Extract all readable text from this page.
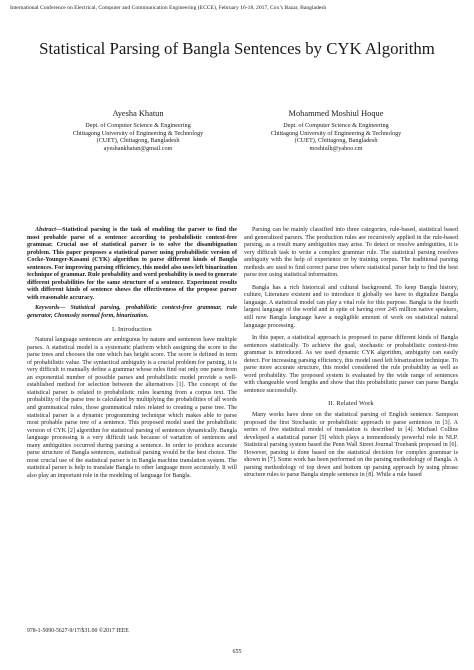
International Conference on Electrical, Computer and Communication Engineering (ECCE), February 16-18, 2017, Cox’s Bazar, Bangladesh
Statistical Parsing of Bangla Sentences by CYK Algorithm
Ayesha Khatun
Dept. of Computer Science & Engineering
Chittagong University of Engineering & Technology
(CUET), Chittagong, Bangladesh
ayeshankhatun@gmail.com
Mohammed Moshiul Hoque
Dept. of Computer Science & Engineering
Chittagong University of Engineering & Technology
(CUET), Chittagong, Bangladesh
moshiulh@yahoo.cm

Abstract—Statistical parsing is the task of enabling the parser to find the most probable parse of a sentence according to probabilistic context-free grammar. Crucial use of statistical parser is to solve the disambiguation problem. This paper proposes a statistical parser using probabilistic version of Cocke-Younger-Kasami (CYK) algorithm to parse different kinds of Bangla sentences. For improving parsing efficiency, this model also uses left binarization technique of grammar. Rule probability and word probability is used to generate different probabilities for the same structure of a sentence. Experiment results with different kinds of sentence shows the effectiveness of the propose parser with reasonable accuracy.

Keywords— Statistical parsing, probabilistic context-free grammar, rule generator, Chomssky normal form, binarization.

I. Introduction

Natural language sentences are ambiguous by nature and sentences have multiple parses. A statistical model is a systematic platform which assigning the score to the parse trees and chooses the one which has height score. The score is defined in term of probabilistic value. The syntactical ambiguity is a crucial problem for parsing, it is very difficult to manually define a grammar whose rules find out only one parse from an exponential number of possible parses and probabilistic model provide a well-established method for selection between the alternatives [1]. The concept of the statistical parser is related to probabilistic rules learning from a corpus text. The probability of the parse tree is calculated by multiplying the probabilities of all words and grammatical rules, those grammatical rules related to creating a parse tree. The statistical parser is a dynamic programming technique which makes able to parse most probable parse tree of a sentence. This proposed model used the probabilistic version of CYK [2] algorithm for statistical parsing of sentences dynamically. Bangla language processing is a very difficult task because of variation of sentences and many ambiguities occurred during parsing a sentence. In order to produce accurate parse structure of Bangla sentences, statistical parsing would be the best choice. The most crucial use of the statistical parser is in Bangla machine translation system. The statistical parser is help to translate Bangla to other language more accurately. It will also play an important role in the modeling of language for Bangla.

Parsing can be mainly classified into three categories, rule-based, statistical based and generalized parsers. The production rules are recursively applied in the rule-based parsing, as a result many ambiguities may arise. To detect or resolve ambiguities, it is very difficult task to write a complex grammar rule. The statistical parsing resolves ambiguity with the help of experience or by training corpus. The traditional parsing methods are used to find correct parse tree where statistical parser help to find the best parse tree using statistical information.

Bangla has a rich historical and cultural background. To keep Bangla history, culture, Literature existent and to introduce it globally we have to digitalize Bangla language. A statistical model can play a vital role for this purpose. Bangla is the fourth largest language of the world and in spite of having over 245 million native speakers, still now Bangla language have a negligible amount of work on statistical natural language processing.

In this paper, a statistical approach is proposed to parse different kinds of Bangla sentences statistically. To achieve the goal, stochastic or probabilistic context-free grammar is introduced. As we used dynamic CYK algorithm, ambiguity can easily detect. For increasing parsing efficiency, this model used left binarization technique. To parse more accurate structure, this model considered the rule probability as well as word probability. The proposed system is evaluated by the wide range of sentences with changeable word lengths and show that this probabilistic parser can parse Bangla sentence successfully.

II. Related Work

Many works have done on the statistical parsing of English sentence. Sampson proposed the first Stochastic or probabilistic approach to parse sentences in [3]. A series of five statistical model of translation is described in [4]. Michael Collins developed a statistical parser [5] which plays a tremendously powerful role in NLP. Statistical parsing system based the Penn Wall Street Journal Treebank proposed in [6]. However, parsing is done based on the statistical decision for complex grammar is shown in [7]. Some work has been performed on the parsing methodology of Bangla. A parsing methodology of top down and bottom up parsing approach by using phrase structure rules to parse Bangla simple sentence in [8]. While a rule based

978-1-5090-5627-9/17/$31.00 ©2017 IEEE
655
